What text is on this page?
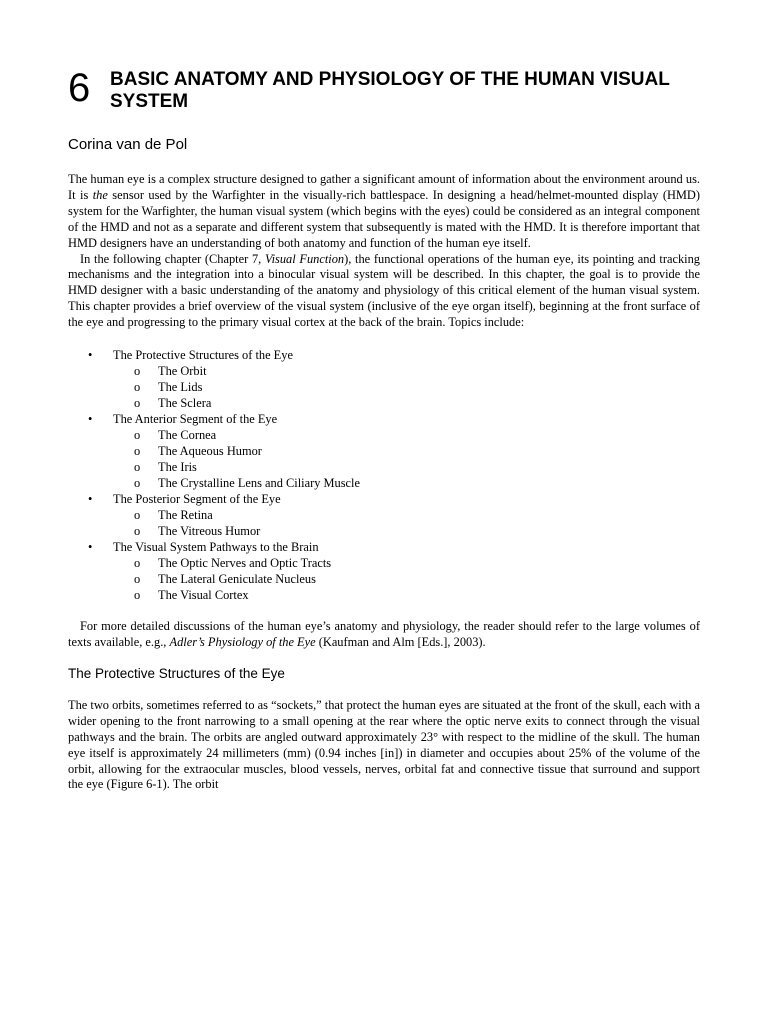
6 BASIC ANATOMY AND PHYSIOLOGY OF THE HUMAN VISUAL SYSTEM
Corina van de Pol

The human eye is a complex structure designed to gather a significant amount of information about the environment around us. It is the sensor used by the Warfighter in the visually-rich battlespace. In designing a head/helmet-mounted display (HMD) system for the Warfighter, the human visual system (which begins with the eyes) could be considered as an integral component of the HMD and not as a separate and different system that subsequently is mated with the HMD. It is therefore important that HMD designers have an understanding of both anatomy and function of the human eye itself.

In the following chapter (Chapter 7, Visual Function), the functional operations of the human eye, its pointing and tracking mechanisms and the integration into a binocular visual system will be described. In this chapter, the goal is to provide the HMD designer with a basic understanding of the anatomy and physiology of this critical element of the human visual system. This chapter provides a brief overview of the visual system (inclusive of the eye organ itself), beginning at the front surface of the eye and progressing to the primary visual cortex at the back of the brain. Topics include:

• The Protective Structures of the Eye
o The Orbit
o The Lids
o The Sclera
• The Anterior Segment of the Eye
o The Cornea
o The Aqueous Humor
o The Iris
o The Crystalline Lens and Ciliary Muscle
• The Posterior Segment of the Eye
o The Retina
o The Vitreous Humor
• The Visual System Pathways to the Brain
o The Optic Nerves and Optic Tracts
o The Lateral Geniculate Nucleus
o The Visual Cortex

For more detailed discussions of the human eye’s anatomy and physiology, the reader should refer to the large volumes of texts available, e.g., Adler’s Physiology of the Eye (Kaufman and Alm [Eds.], 2003).

The Protective Structures of the Eye

The two orbits, sometimes referred to as “sockets,” that protect the human eyes are situated at the front of the skull, each with a wider opening to the front narrowing to a small opening at the rear where the optic nerve exits to connect through the visual pathways and the brain. The orbits are angled outward approximately 23° with respect to the midline of the skull. The human eye itself is approximately 24 millimeters (mm) (0.94 inches [in]) in diameter and occupies about 25% of the volume of the orbit, allowing for the extraocular muscles, blood vessels, nerves, orbital fat and connective tissue that surround and support the eye (Figure 6-1). The orbit
